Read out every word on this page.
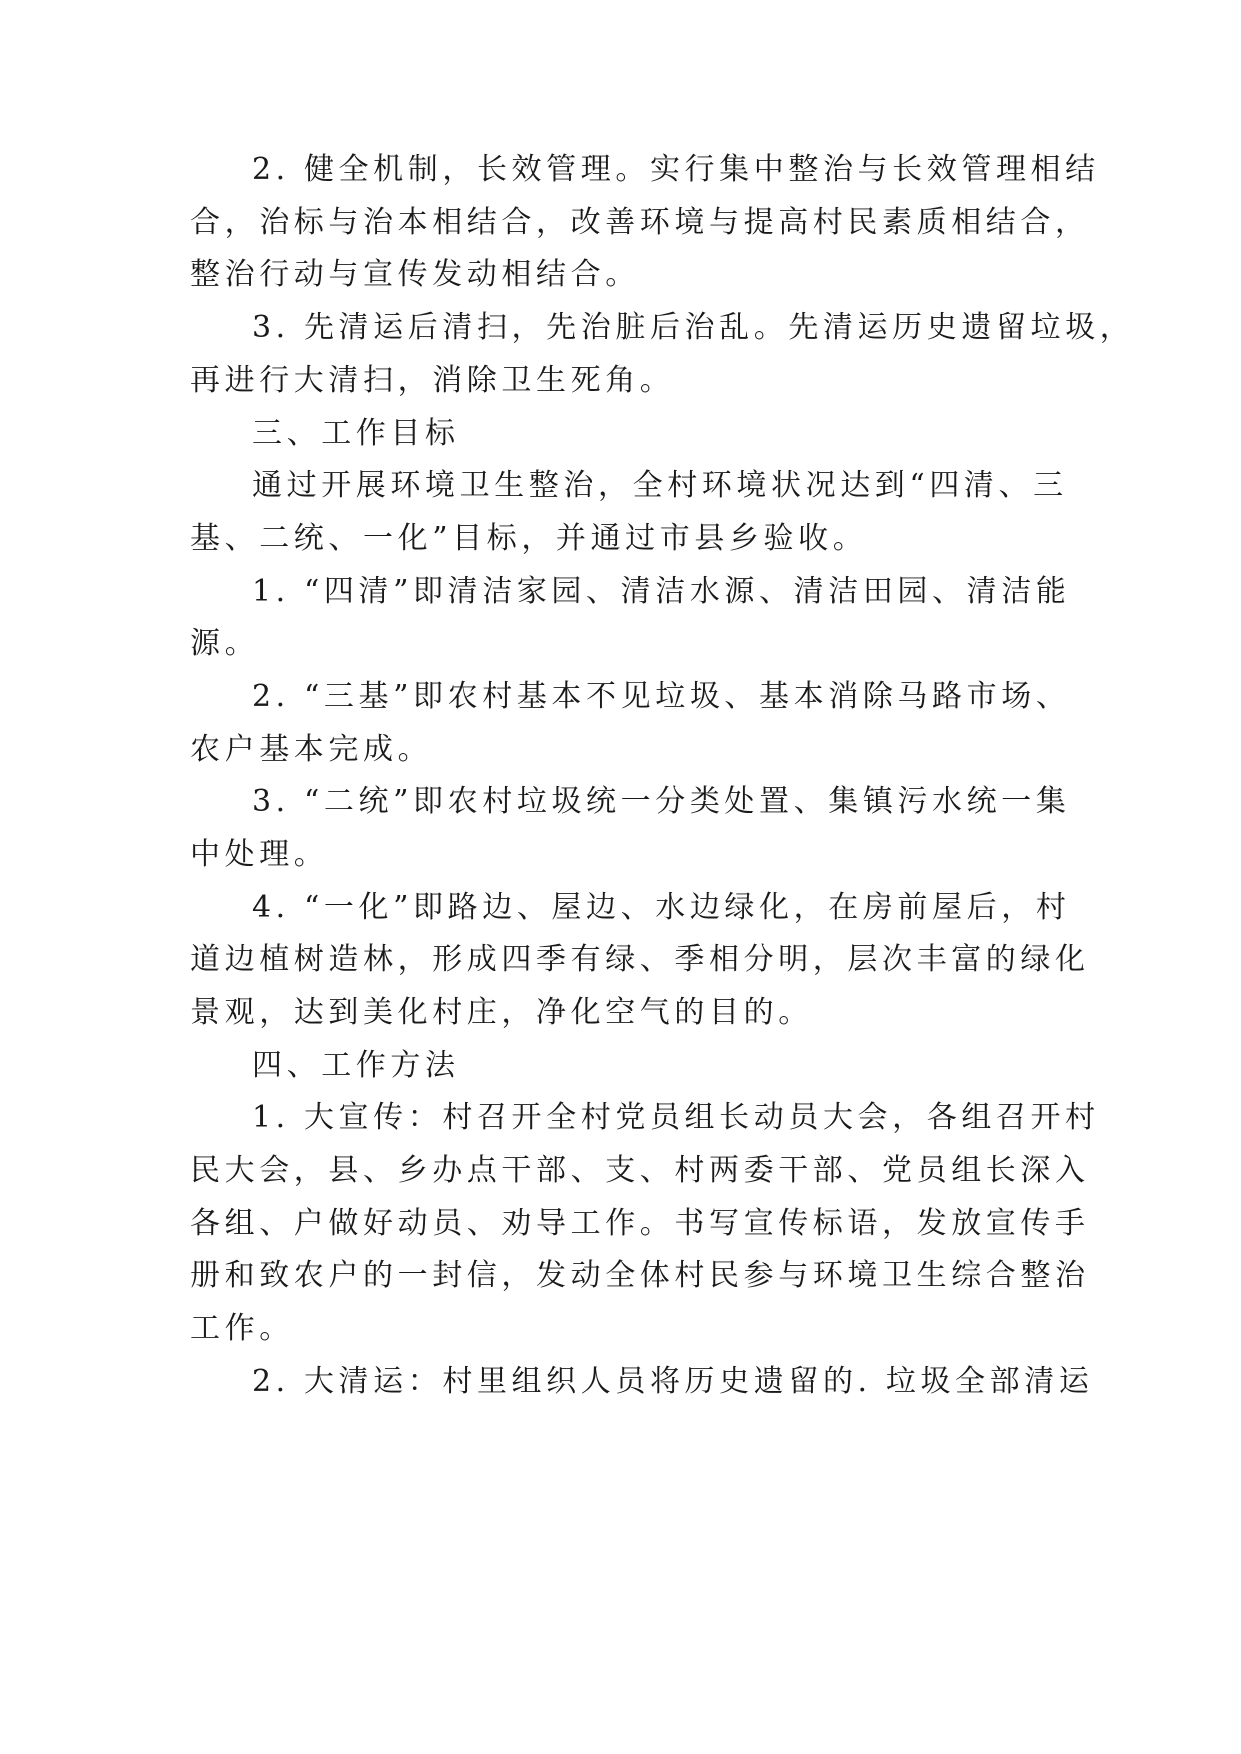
2. 健全机制，长效管理。实行集中整治与长效管理相结
合，治标与治本相结合，改善环境与提高村民素质相结合，
整治行动与宣传发动相结合。
3. 先清运后清扫，先治脏后治乱。先清运历史遗留垃圾，
再进行大清扫，消除卫生死角。
三、工作目标
通过开展环境卫生整治，全村环境状况达到“四清、三
基、二统、一化”目标，并通过市县乡验收。
1. “四清”即清洁家园、清洁水源、清洁田园、清洁能
源。
2. “三基”即农村基本不见垃圾、基本消除马路市场、
农户基本完成。
3. “二统”即农村垃圾统一分类处置、集镇污水统一集
中处理。
4. “一化”即路边、屋边、水边绿化，在房前屋后，村
道边植树造林，形成四季有绿、季相分明，层次丰富的绿化
景观，达到美化村庄，净化空气的目的。
四、工作方法
1. 大宣传：村召开全村党员组长动员大会，各组召开村
民大会，县、乡办点干部、支、村两委干部、党员组长深入
各组、户做好动员、劝导工作。书写宣传标语，发放宣传手
册和致农户的一封信，发动全体村民参与环境卫生综合整治
工作。
2. 大清运：村里组织人员将历史遗留的. 垃圾全部清运
